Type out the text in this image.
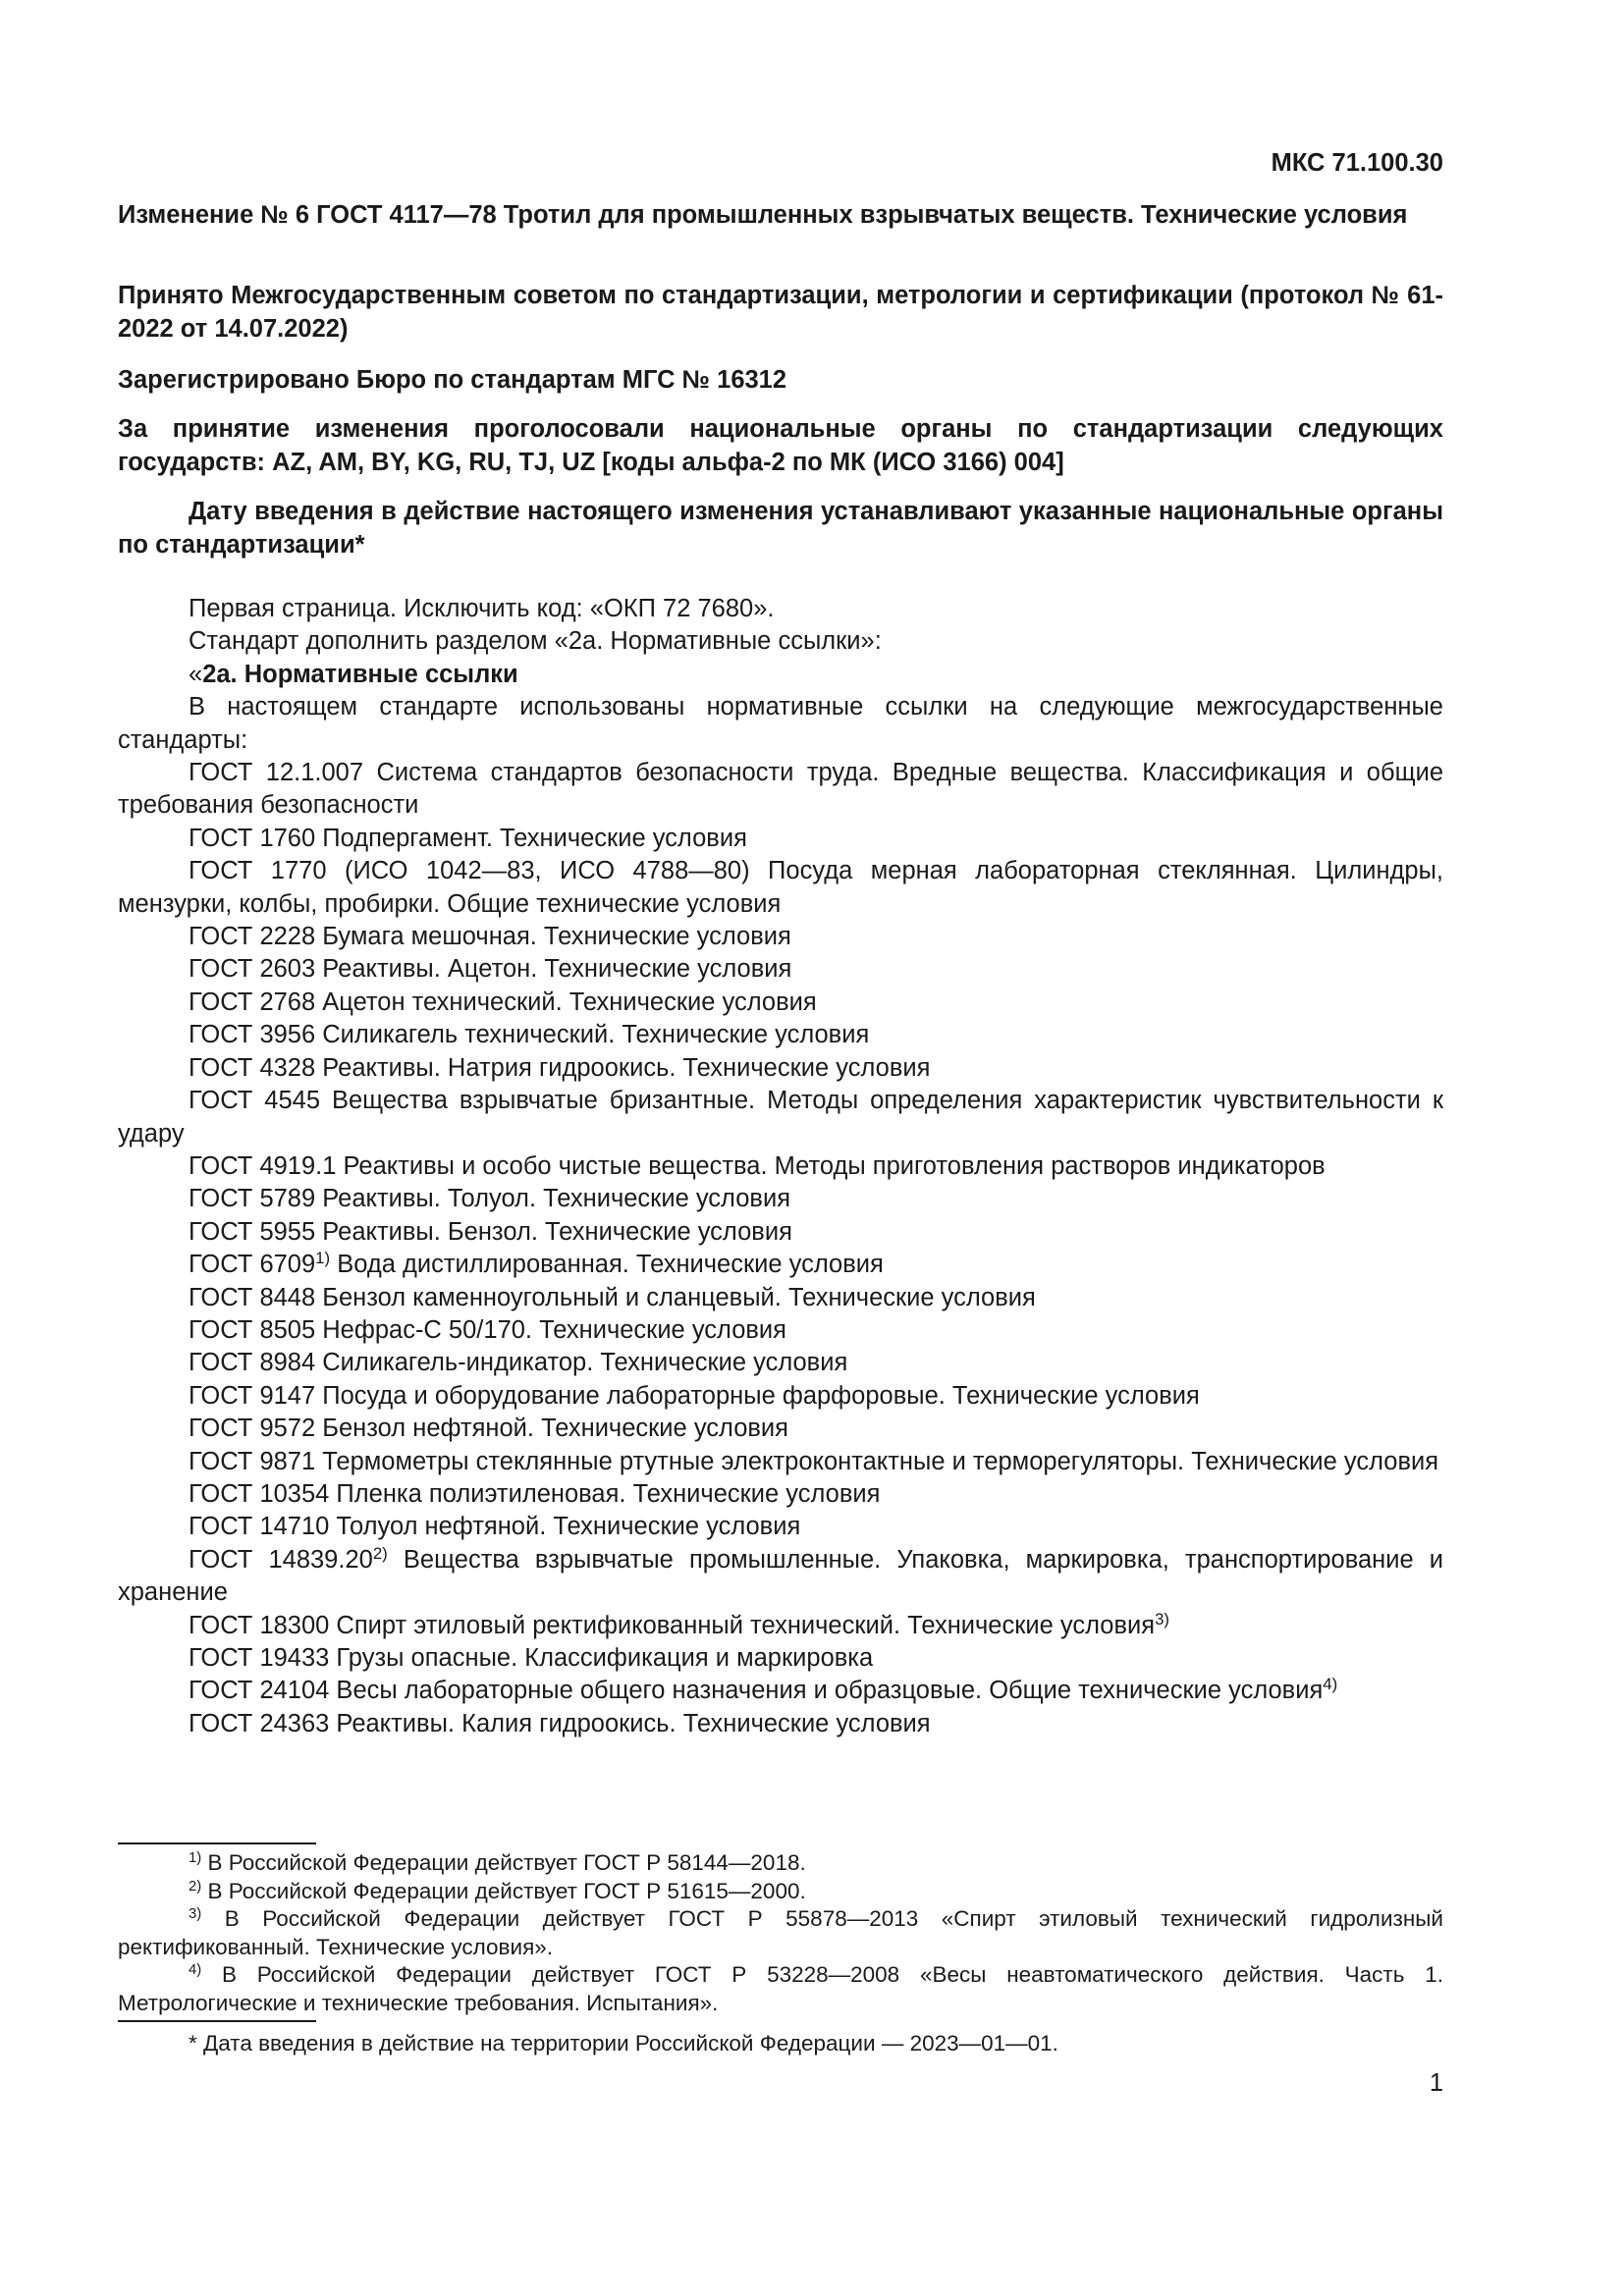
МКС 71.100.30
Изменение № 6 ГОСТ 4117—78 Тротил для промышленных взрывчатых веществ. Технические условия
Принято Межгосударственным советом по стандартизации, метрологии и сертификации (протокол № 61-2022 от 14.07.2022)
Зарегистрировано Бюро по стандартам МГС № 16312
За принятие изменения проголосовали национальные органы по стандартизации следующих государств: AZ, AM, BY, KG, RU, TJ, UZ [коды альфа-2 по МК (ИСО 3166) 004]
Дату введения в действие настоящего изменения устанавливают указанные национальные органы по стандартизации*

Первая страница. Исключить код: «ОКП 72 7680».

Стандарт дополнить разделом «2а. Нормативные ссылки»:

«2а. Нормативные ссылки

В настоящем стандарте использованы нормативные ссылки на следующие межгосударственные стандарты:

ГОСТ 12.1.007 Система стандартов безопасности труда. Вредные вещества. Классификация и общие требования безопасности

ГОСТ 1760 Подпергамент. Технические условия

ГОСТ 1770 (ИСО 1042—83, ИСО 4788—80) Посуда мерная лабораторная стеклянная. Цилиндры, мензурки, колбы, пробирки. Общие технические условия

ГОСТ 2228 Бумага мешочная. Технические условия

ГОСТ 2603 Реактивы. Ацетон. Технические условия

ГОСТ 2768 Ацетон технический. Технические условия

ГОСТ 3956 Силикагель технический. Технические условия

ГОСТ 4328 Реактивы. Натрия гидроокись. Технические условия

ГОСТ 4545 Вещества взрывчатые бризантные. Методы определения характеристик чувствительности к удару

ГОСТ 4919.1 Реактивы и особо чистые вещества. Методы приготовления растворов индикаторов

ГОСТ 5789 Реактивы. Толуол. Технические условия

ГОСТ 5955 Реактивы. Бензол. Технические условия

ГОСТ 6709$^{1)}$ Вода дистиллированная. Технические условия

ГОСТ 8448 Бензол каменноугольный и сланцевый. Технические условия

ГОСТ 8505 Нефрас-С 50/170. Технические условия

ГОСТ 8984 Силикагель-индикатор. Технические условия

ГОСТ 9147 Посуда и оборудование лабораторные фарфоровые. Технические условия

ГОСТ 9572 Бензол нефтяной. Технические условия

ГОСТ 9871 Термометры стеклянные ртутные электроконтактные и терморегуляторы. Технические условия

ГОСТ 10354 Пленка полиэтиленовая. Технические условия

ГОСТ 14710 Толуол нефтяной. Технические условия

ГОСТ 14839.20$^{2)}$ Вещества взрывчатые промышленные. Упаковка, маркировка, транспортирование и хранение

ГОСТ 18300 Спирт этиловый ректификованный технический. Технические условия$^{3)}$

ГОСТ 19433 Грузы опасные. Классификация и маркировка

ГОСТ 24104 Весы лабораторные общего назначения и образцовые. Общие технические условия$^{4)}$

ГОСТ 24363 Реактивы. Калия гидроокись. Технические условия

$^{1)}$ В Российской Федерации действует ГОСТ Р 58144—2018.

$^{2)}$ В Российской Федерации действует ГОСТ Р 51615—2000.

$^{3)}$ В Российской Федерации действует ГОСТ Р 55878—2013 «Спирт этиловый технический гидролизный ректификованный. Технические условия».

$^{4)}$ В Российской Федерации действует ГОСТ Р 53228—2008 «Весы неавтоматического действия. Часть 1. Метрологические и технические требования. Испытания».

* Дата введения в действие на территории Российской Федерации — 2023—01—01.

1
